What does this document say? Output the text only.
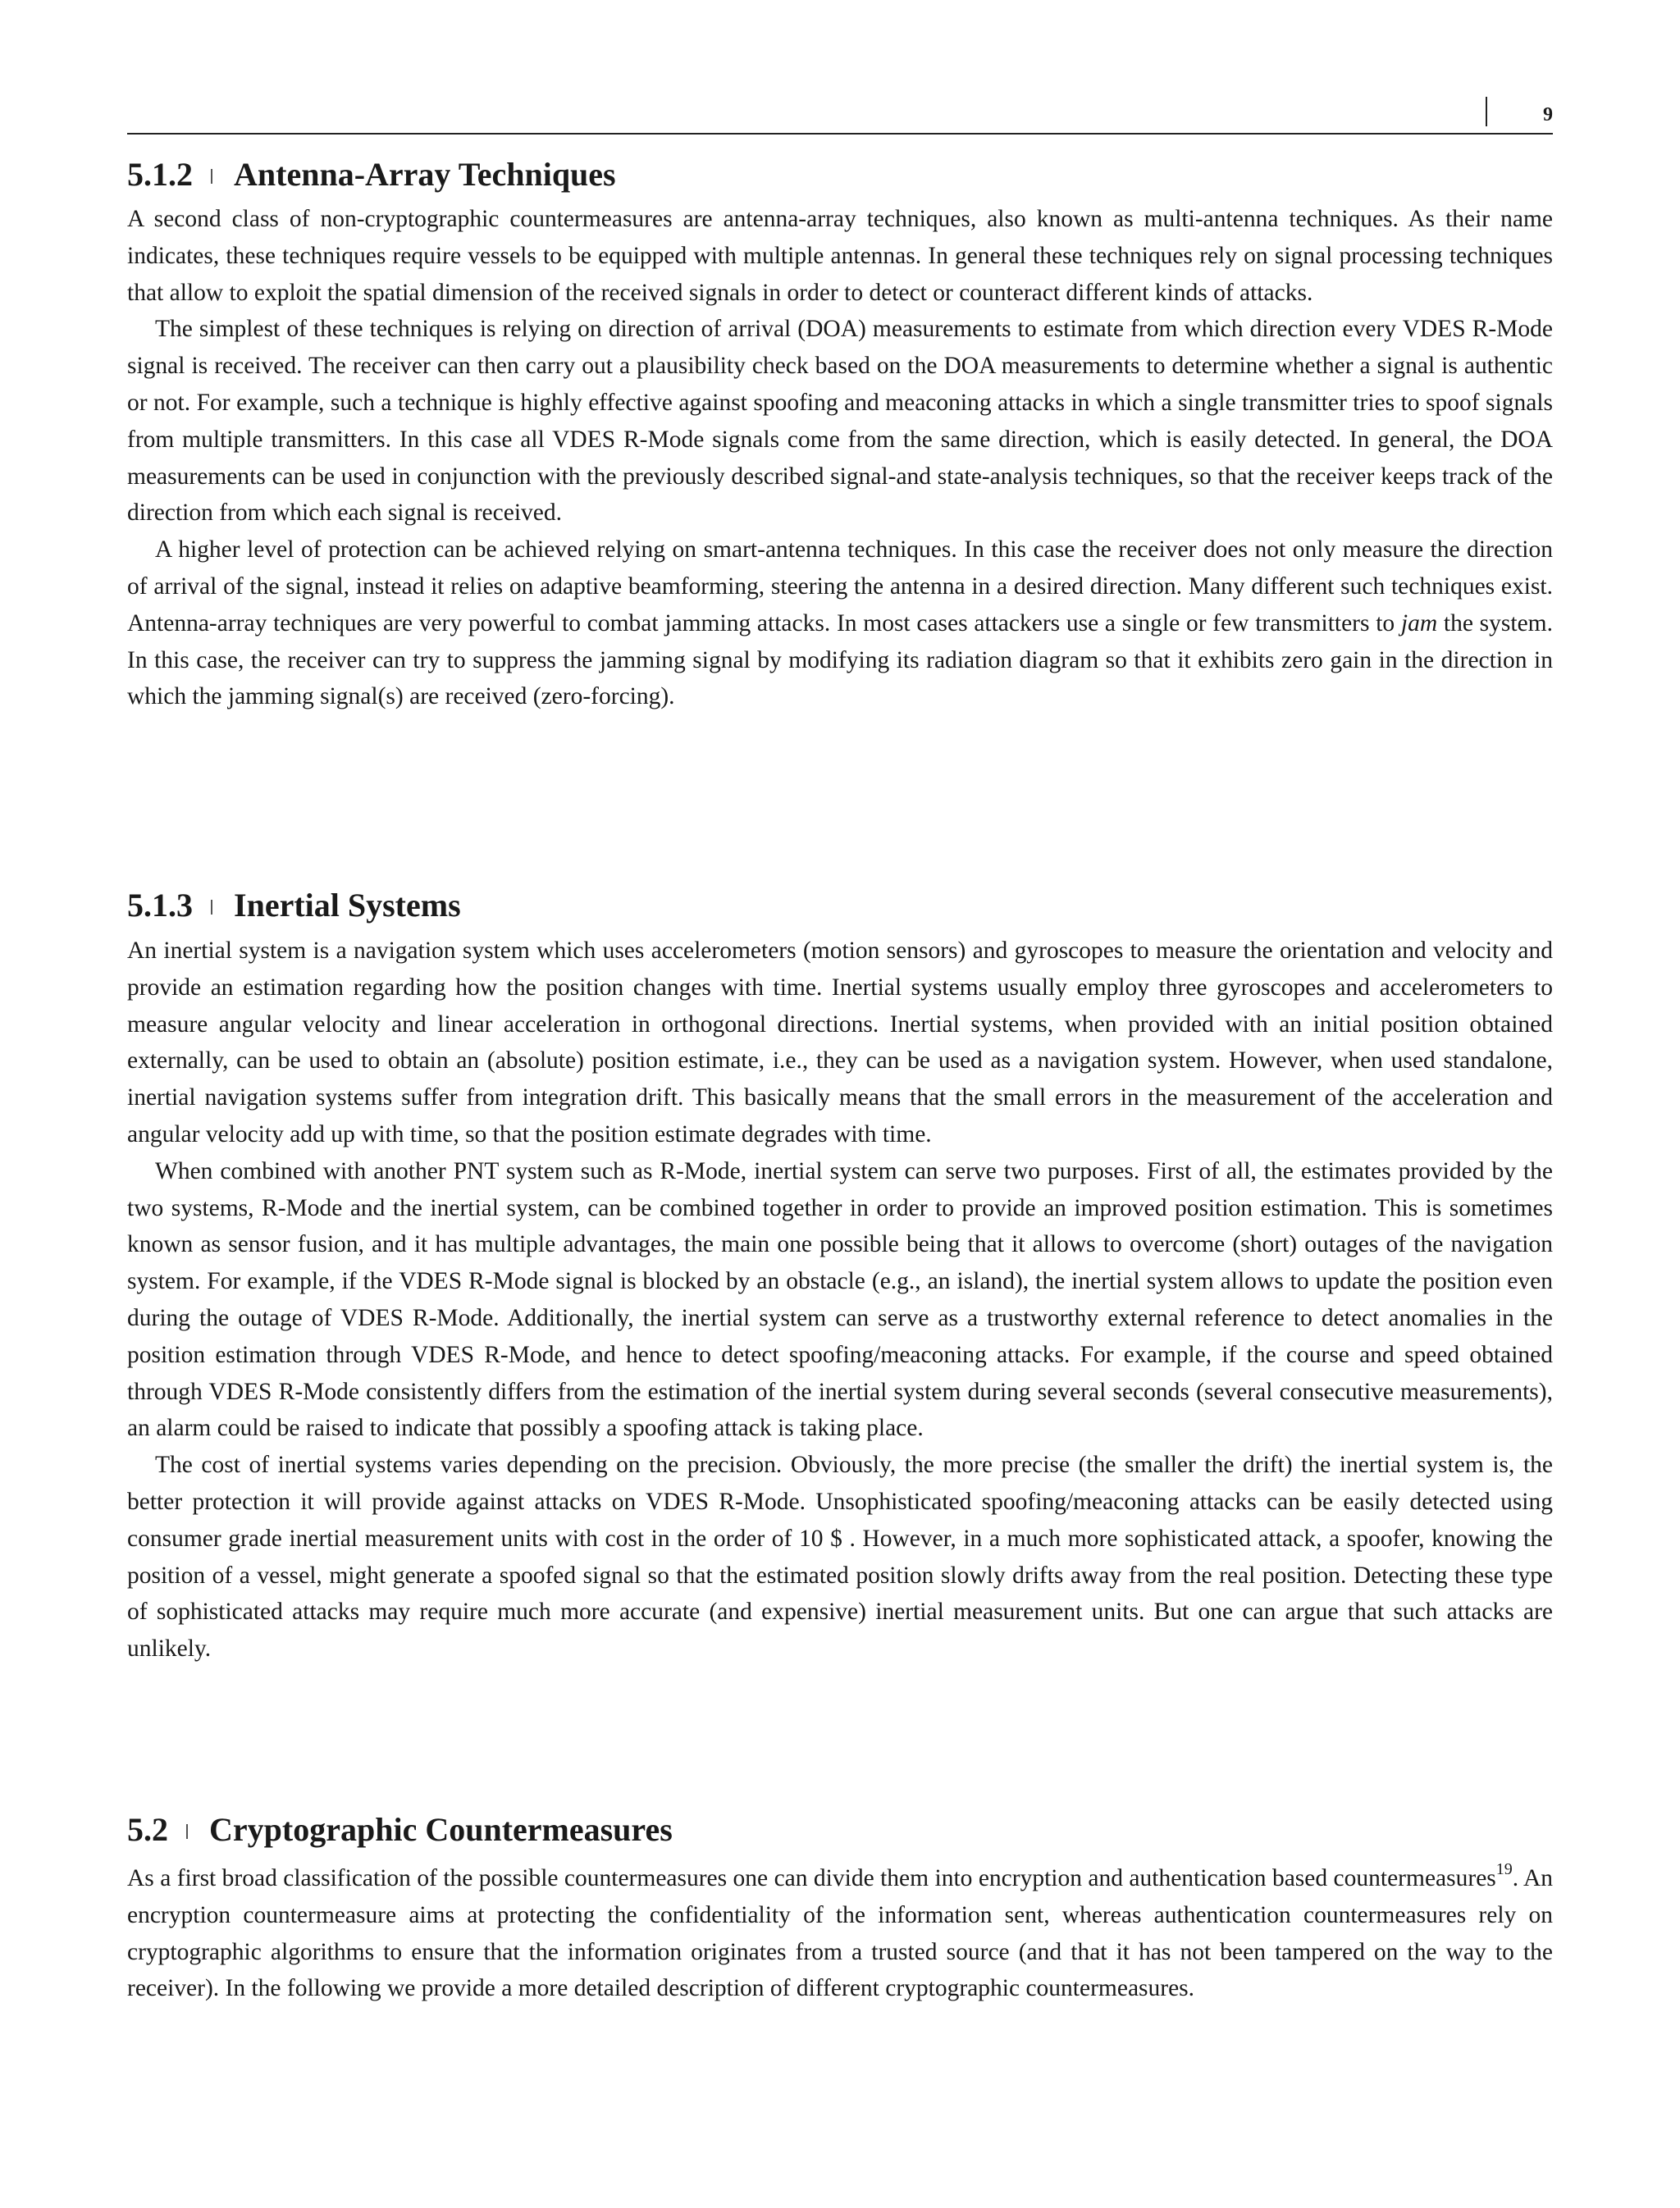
9
5.1.2 Antenna-Array Techniques

A second class of non-cryptographic countermeasures are antenna-array techniques, also known as multi-antenna techniques. As their name indicates, these techniques require vessels to be equipped with multiple antennas. In general these techniques rely on signal processing techniques that allow to exploit the spatial dimension of the received signals in order to detect or counteract different kinds of attacks.

The simplest of these techniques is relying on direction of arrival (DOA) measurements to estimate from which direction every VDES R-Mode signal is received. The receiver can then carry out a plausibility check based on the DOA measurements to determine whether a signal is authentic or not. For example, such a technique is highly effective against spoofing and meaconing attacks in which a single transmitter tries to spoof signals from multiple transmitters. In this case all VDES R-Mode signals come from the same direction, which is easily detected. In general, the DOA measurements can be used in conjunction with the previously described signal-and state-analysis techniques, so that the receiver keeps track of the direction from which each signal is received.

A higher level of protection can be achieved relying on smart-antenna techniques. In this case the receiver does not only measure the direction of arrival of the signal, instead it relies on adaptive beamforming, steering the antenna in a desired direction. Many different such techniques exist. Antenna-array techniques are very powerful to combat jamming attacks. In most cases attackers use a single or few transmitters to jam the system. In this case, the receiver can try to suppress the jamming signal by modifying its radiation diagram so that it exhibits zero gain in the direction in which the jamming signal(s) are received (zero-forcing).

5.1.3 Inertial Systems

An inertial system is a navigation system which uses accelerometers (motion sensors) and gyroscopes to measure the orientation and velocity and provide an estimation regarding how the position changes with time. Inertial systems usually employ three gyroscopes and accelerometers to measure angular velocity and linear acceleration in orthogonal directions. Inertial systems, when provided with an initial position obtained externally, can be used to obtain an (absolute) position estimate, i.e., they can be used as a navigation system. However, when used standalone, inertial navigation systems suffer from integration drift. This basically means that the small errors in the measurement of the acceleration and angular velocity add up with time, so that the position estimate degrades with time.

When combined with another PNT system such as R-Mode, inertial system can serve two purposes. First of all, the estimates provided by the two systems, R-Mode and the inertial system, can be combined together in order to provide an improved position estimation. This is sometimes known as sensor fusion, and it has multiple advantages, the main one possible being that it allows to overcome (short) outages of the navigation system. For example, if the VDES R-Mode signal is blocked by an obstacle (e.g., an island), the inertial system allows to update the position even during the outage of VDES R-Mode. Additionally, the inertial system can serve as a trustworthy external reference to detect anomalies in the position estimation through VDES R-Mode, and hence to detect spoofing/meaconing attacks. For example, if the course and speed obtained through VDES R-Mode consistently differs from the estimation of the inertial system during several seconds (several consecutive measurements), an alarm could be raised to indicate that possibly a spoofing attack is taking place.

The cost of inertial systems varies depending on the precision. Obviously, the more precise (the smaller the drift) the inertial system is, the better protection it will provide against attacks on VDES R-Mode. Unsophisticated spoofing/meaconing attacks can be easily detected using consumer grade inertial measurement units with cost in the order of 10 $ . However, in a much more sophisticated attack, a spoofer, knowing the position of a vessel, might generate a spoofed signal so that the estimated position slowly drifts away from the real position. Detecting these type of sophisticated attacks may require much more accurate (and expensive) inertial measurement units. But one can argue that such attacks are unlikely.

5.2 Cryptographic Countermeasures

As a first broad classification of the possible countermeasures one can divide them into encryption and authentication based countermeasures$^{19}$. An encryption countermeasure aims at protecting the confidentiality of the information sent, whereas authentication countermeasures rely on cryptographic algorithms to ensure that the information originates from a trusted source (and that it has not been tampered on the way to the receiver). In the following we provide a more detailed description of different cryptographic countermeasures.
